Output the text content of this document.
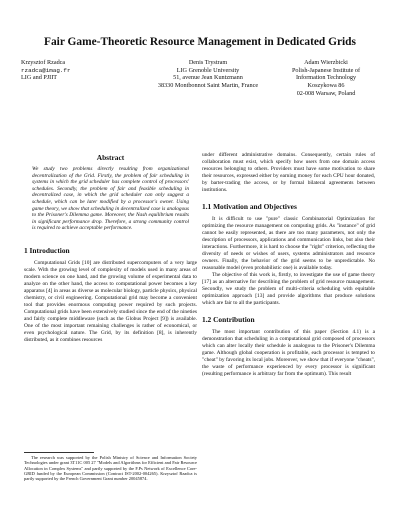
Fair Game-Theoretic Resource Management in Dedicated Grids
Krzysztof Rzadca
rzadca@imag.fr
LIG and PJIIT
Denis Trystram
LIG Grenoble University
51, avenue Jean Kuntzmann
38330 Montbonnot Saint Martin, France
Adam Wierzbicki
Polish-Japanese Institute of
Information Technology
Koszykowa 86
02-008 Warsaw, Poland
Abstract

We study two problems directly resulting from organizational decentralization of the Grid. Firstly, the problem of fair scheduling in systems in which the grid scheduler has complete control of processors' schedules. Secondly, the problem of fair and feasible scheduling in decentralized case, in which the grid scheduler can only suggest a schedule, which can be later modified by a processor's owner. Using game theory, we show that scheduling in decentralized case is analogous to the Prisoner's Dilemma game. Moreover, the Nash equilibrium results in significant performance drop. Therefore, a strong community control is required to achieve acceptable performance.

1 Introduction

Computational Grids [10] are distributed supercomputers of a very large scale. With the growing level of complexity of models used in many areas of modern science on one hand, and the growing volume of experimental data to analyze on the other hand, the access to computational power becomes a key apparatus [4] in areas as diverse as molecular biology, particle physics, physical chemistry, or civil engineering. Computational grid may become a convenient tool that provides enormous computing power required by such projects. Computational grids have been extensively studied since the end of the nineties and fairly complete middleware (such as the Globus Project [9]) is available. One of the most important remaining challenges is rather of economical, or even psychological nature. The Grid, by its definition [8], is inherently distributed, as it combines resources

The research was supported by the Polish Ministry of Science and Information Society Technologies under grant 3T11C 005 27 "Models and Algorithms for Efficient and Fair Resource Allocation in Complex Systems" and partly supported by the F.Ps Network of Excellence Core-GRID funded by the European Commission (Contract IST-2002-004265). Krzysztof Rzadca is partly supported by the French Government Grant number 20045874.

under different administrative domains. Consequently, certain rules of collaboration must exist, which specify how users from one domain access resources belonging to others. Providers must have some motivation to share their resources, expressed either by earning money for each CPU hour donated, by barter-trading the access, or by formal bilateral agreements between institutions.

1.1 Motivation and Objectives

It is difficult to use "pure" classic Combinatorial Optimization for optimizing the resource management on computing grids. As "instance" of grid cannot be easily represented, as there are too many parameters, not only the description of processors, applications and communication links, but also their interactions. Furthermore, it is hard to choose the "right" criterion, reflecting the diversity of needs or wishes of users, systems administrators and resource owners. Finally, the behavior of the grid seems to be unpredictable. No reasonable model (even probabilistic one) is available today.

The objective of this work is, firstly, to investigate the use of game theory [17] as an alternative for describing the problem of grid resource management. Secondly, we study the problem of multi-criteria scheduling with equitable optimization approach [13] and provide algorithms that produce solutions which are fair to all the participants.

1.2 Contribution

The most important contribution of this paper (Section 4.1) is a demonstration that scheduling in a computational grid composed of processors which can alter locally their schedule is analogous to the Prisoner's Dilemma game. Although global cooperation is profitable, each processor is tempted to "cheat" by favoring its local jobs. Moreover, we show that if everyone "cheats", the waste of performance experienced by every processor is significant (resulting performance is arbitrary far from the optimum). This result
